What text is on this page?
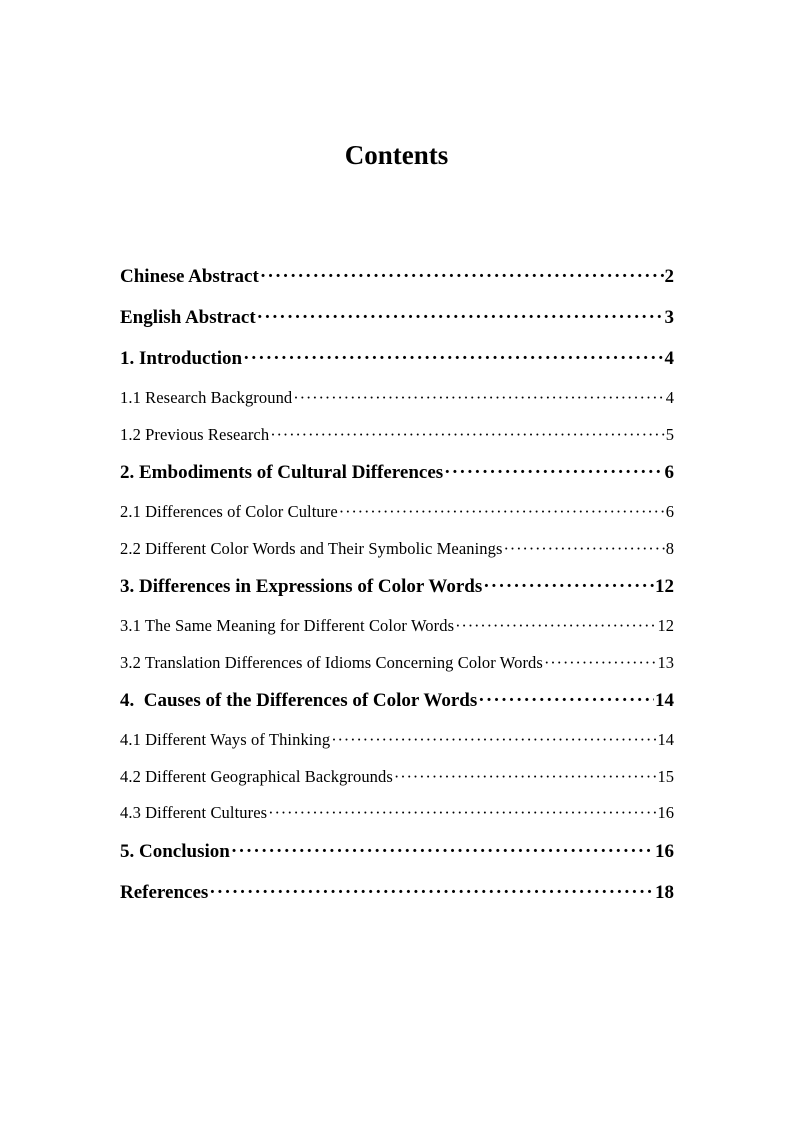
Contents
Chinese Abstract ·····	2
English Abstract ·····	3
1. Introduction ·····	4
1.1 Research Background ·····	4
1.2 Previous Research ·····	5
2. Embodiments of Cultural Differences ·····	6
2.1 Differences of Color Culture ·····	6
2.2 Different Color Words and Their Symbolic Meanings ·····	8
3. Differences in Expressions of Color Words ·····	12
3.1 The Same Meaning for Different Color Words ·····	12
3.2 Translation Differences of Idioms Concerning Color Words ·····	13
4.  Causes of the Differences of Color Words ·····	14
4.1 Different Ways of Thinking ·····	14
4.2 Different Geographical Backgrounds ·····	15
4.3 Different Cultures ·····	16
5. Conclusion ·····	16
References ·····	18
